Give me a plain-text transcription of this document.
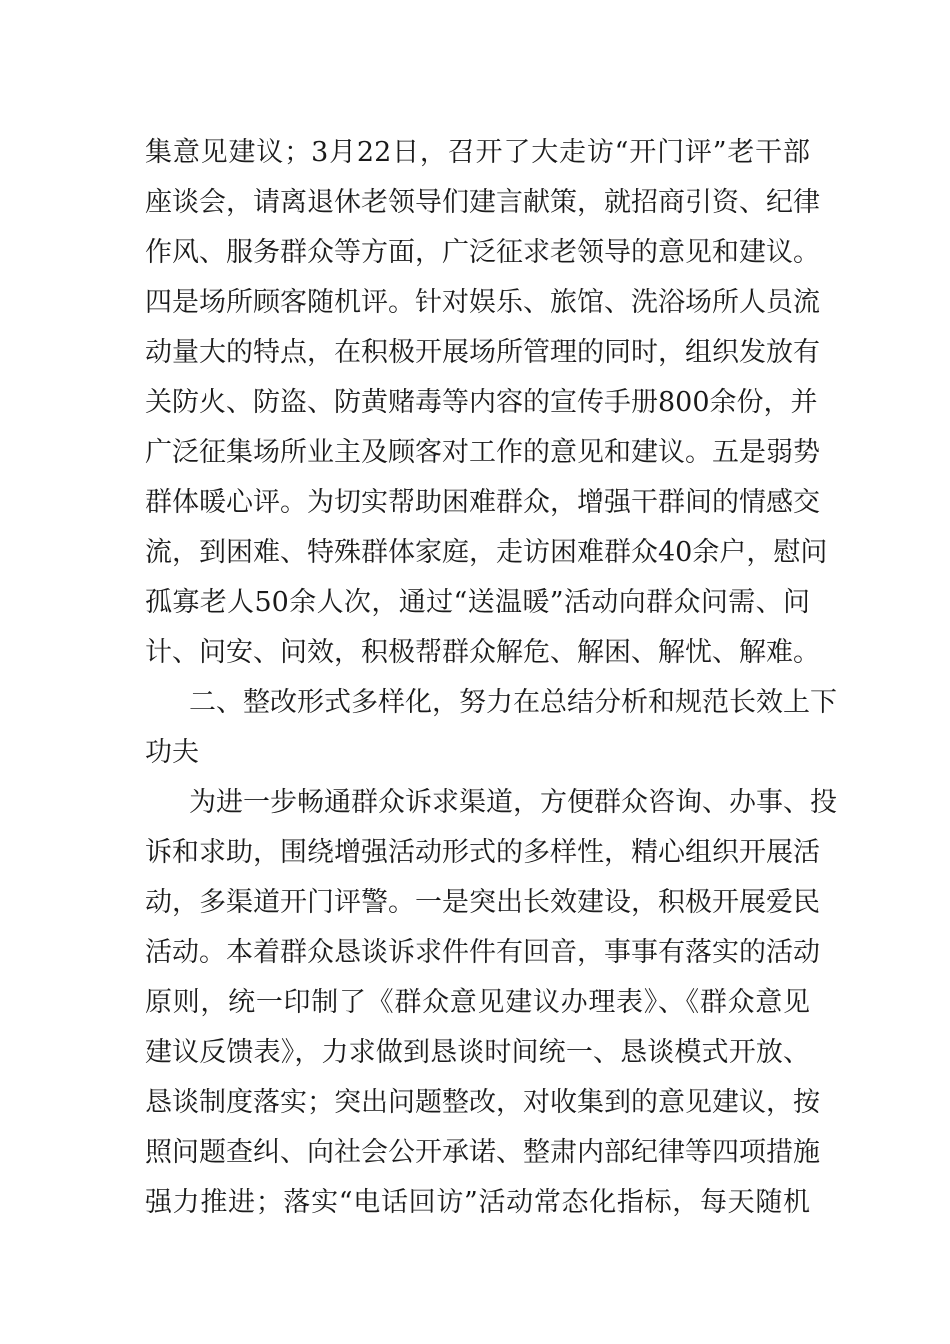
集意见建议；3月22日，召开了大走访“开门评”老干部
座谈会，请离退休老领导们建言献策，就招商引资、纪律
作风、服务群众等方面，广泛征求老领导的意见和建议。
四是场所顾客随机评。针对娱乐、旅馆、洗浴场所人员流
动量大的特点，在积极开展场所管理的同时，组织发放有
关防火、防盗、防黄赌毒等内容的宣传手册800余份，并
广泛征集场所业主及顾客对工作的意见和建议。五是弱势
群体暖心评。为切实帮助困难群众，增强干群间的情感交
流，到困难、特殊群体家庭，走访困难群众40余户，慰问
孤寡老人50余人次，通过“送温暖”活动向群众问需、问
计、问安、问效，积极帮群众解危、解困、解忧、解难。
二、整改形式多样化，努力在总结分析和规范长效上下
功夫
为进一步畅通群众诉求渠道，方便群众咨询、办事、投
诉和求助，围绕增强活动形式的多样性，精心组织开展活
动，多渠道开门评警。一是突出长效建设，积极开展爱民
活动。本着群众恳谈诉求件件有回音，事事有落实的活动
原则，统一印制了《群众意见建议办理表》、《群众意见
建议反馈表》，力求做到恳谈时间统一、恳谈模式开放、
恳谈制度落实；突出问题整改，对收集到的意见建议，按
照问题查纠、向社会公开承诺、整肃内部纪律等四项措施
强力推进；落实“电话回访”活动常态化指标，每天随机
